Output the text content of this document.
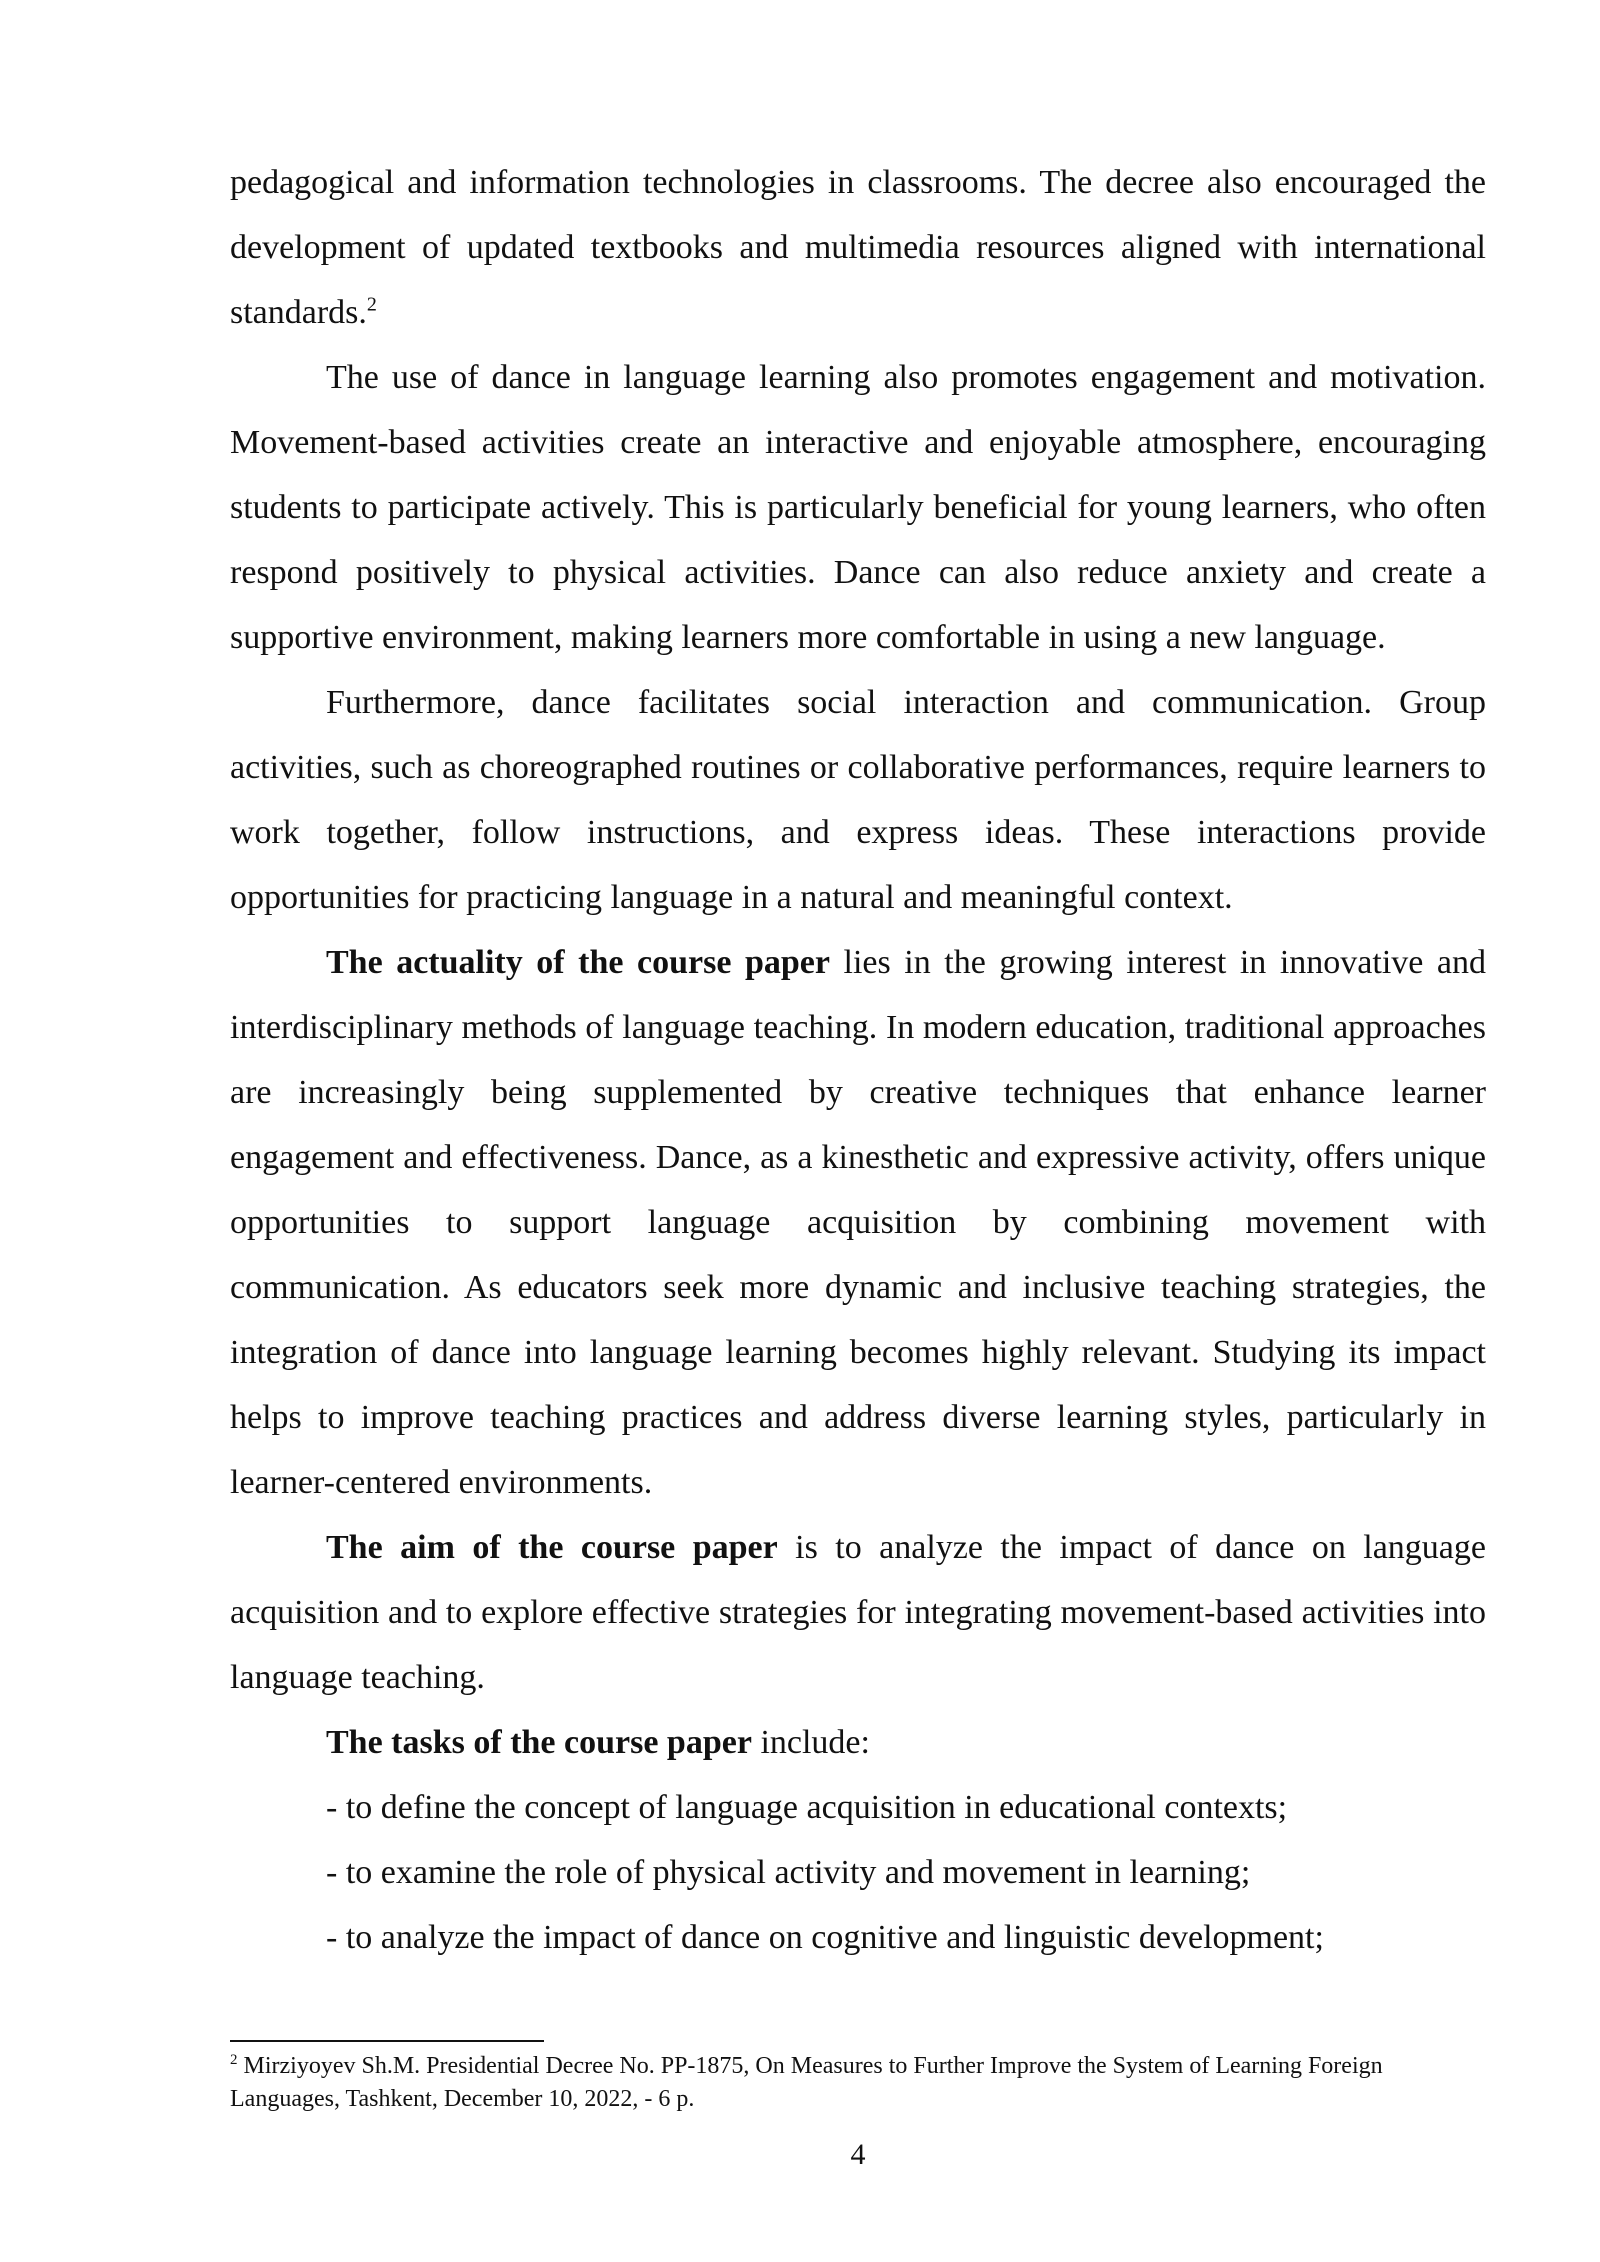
pedagogical and information technologies in classrooms. The decree also encouraged the development of updated textbooks and multimedia resources aligned with international standards.$^2$

The use of dance in language learning also promotes engagement and motivation. Movement-based activities create an interactive and enjoyable atmosphere, encouraging students to participate actively. This is particularly beneficial for young learners, who often respond positively to physical activities. Dance can also reduce anxiety and create a supportive environment, making learners more comfortable in using a new language.

Furthermore, dance facilitates social interaction and communication. Group activities, such as choreographed routines or collaborative performances, require learners to work together, follow instructions, and express ideas. These interactions provide opportunities for practicing language in a natural and meaningful context.

The actuality of the course paper lies in the growing interest in innovative and interdisciplinary methods of language teaching. In modern education, traditional approaches are increasingly being supplemented by creative techniques that enhance learner engagement and effectiveness. Dance, as a kinesthetic and expressive activity, offers unique opportunities to support language acquisition by combining movement with communication. As educators seek more dynamic and inclusive teaching strategies, the integration of dance into language learning becomes highly relevant. Studying its impact helps to improve teaching practices and address diverse learning styles, particularly in learner-centered environments.

The aim of the course paper is to analyze the impact of dance on language acquisition and to explore effective strategies for integrating movement-based activities into language teaching.

The tasks of the course paper include:

- to define the concept of language acquisition in educational contexts;

- to examine the role of physical activity and movement in learning;

- to analyze the impact of dance on cognitive and linguistic development;

$^2$ Mirziyoyev Sh.M. Presidential Decree No. PP-1875, On Measures to Further Improve the System of Learning Foreign Languages, Tashkent, December 10, 2022, - 6 p.

4
